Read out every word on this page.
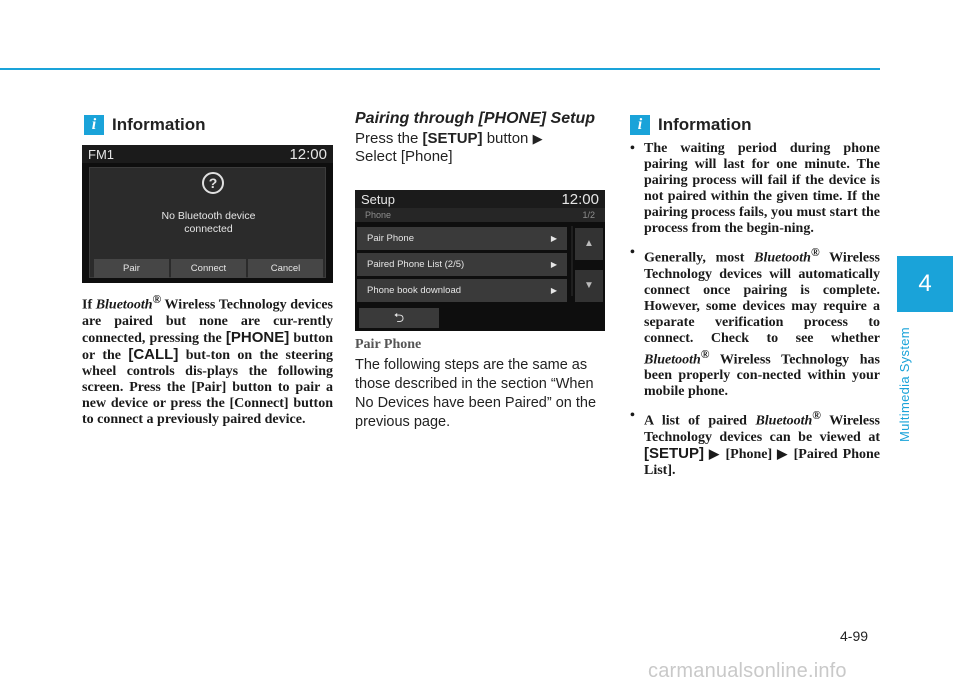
4
Multimedia System
i Information
FM1	12:00
?
No Bluetooth device
connected
Pair	Connect	Cancel
If Bluetooth® Wireless Technology devices are paired but none are cur-rently connected, pressing the [PHONE] button or the [CALL] but-ton on the steering wheel controls dis-plays the following screen. Press the [Pair] button to pair a new device or press the [Connect] button to connect a previously paired device.
Pairing through [PHONE] Setup
Press the [SETUP] button ▶
Select [Phone]
Setup	12:00
Phone	1/2
Pair Phone	▶
Paired Phone List (2/5)	▶
Phone book download	▶
▲
▼
⮌
Pair Phone
The following steps are the same as those described in the section “When No Devices have been Paired” on the previous page.
i Information
• The waiting period during phone pairing will last for one minute. The pairing process will fail if the device is not paired within the given time. If the pairing process fails, you must start the process from the begin-ning.
• Generally, most Bluetooth® Wireless Technology devices will automatically connect once pairing is complete. However, some devices may require a separate verification process to connect. Check to see whether Bluetooth® Wireless Technology has been properly con-nected within your mobile phone.
• A list of paired Bluetooth® Wireless Technology devices can be viewed at [SETUP] ▶ [Phone] ▶ [Paired Phone List].
4-99
carmanualsonline.info
